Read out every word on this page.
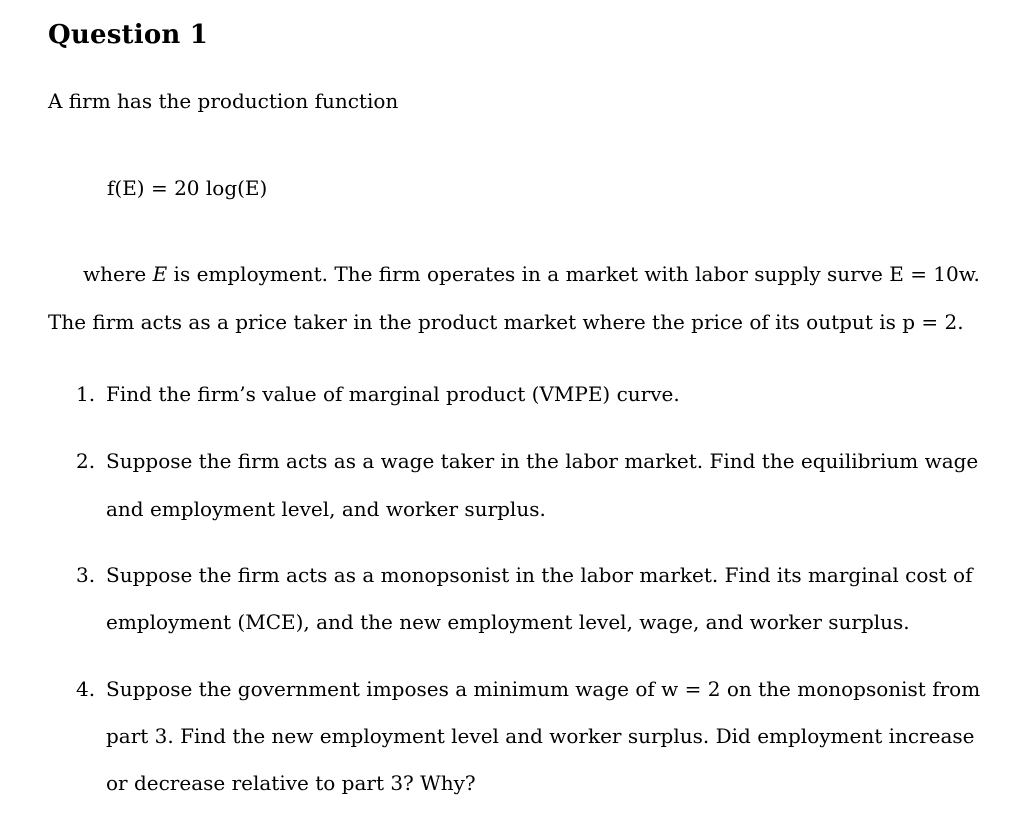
Question 1
A firm has the production function
f(E) = 20 log(E)
where E is employment. The firm operates in a market with labor supply surve E = 10w.
The firm acts as a price taker in the product market where the price of its output is p = 2.
1. Find the firm’s value of marginal product (VMPE) curve.
2. Suppose the firm acts as a wage taker in the labor market. Find the equilibrium wage
and employment level, and worker surplus.
3. Suppose the firm acts as a monopsonist in the labor market. Find its marginal cost of
employment (MCE), and the new employment level, wage, and worker surplus.
4. Suppose the government imposes a minimum wage of w = 2 on the monopsonist from
part 3. Find the new employment level and worker surplus. Did employment increase
or decrease relative to part 3? Why?
